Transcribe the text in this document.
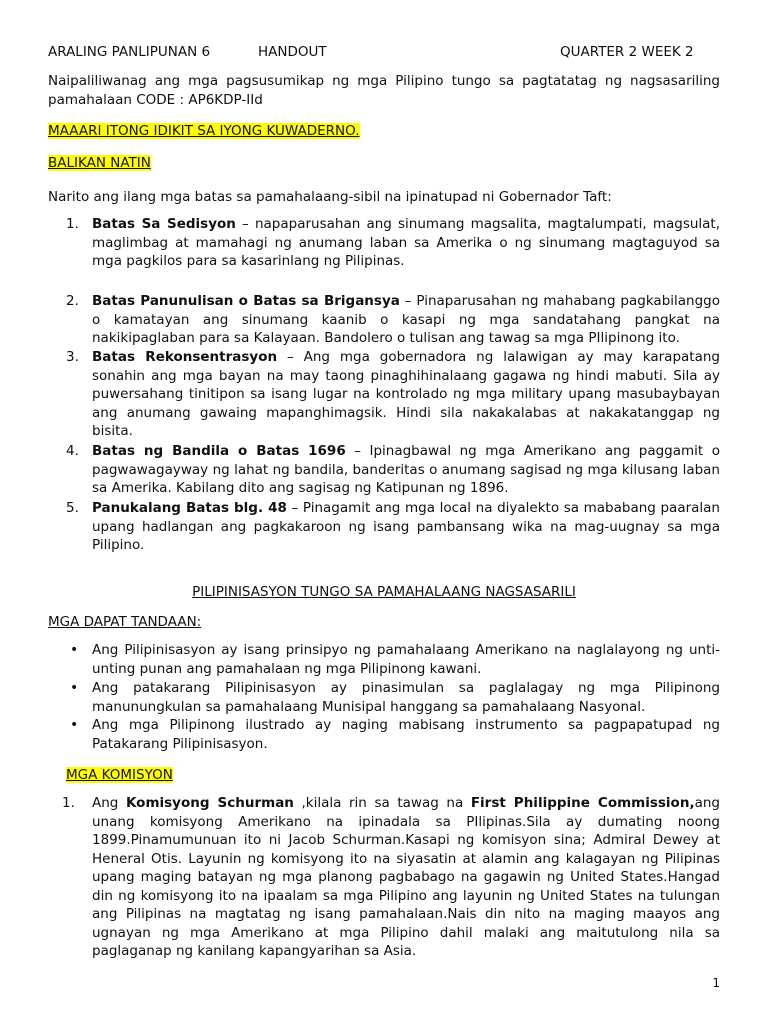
ARALING PANLIPUNAN 6	HANDOUT	QUARTER 2 WEEK 2
Naipaliliwanag ang mga pagsusumikap ng mga Pilipino tungo sa pagtatatag ng nagsasariling pamahalaan CODE : AP6KDP-IId
MAAARI ITONG IDIKIT SA IYONG KUWADERNO.
BALIKAN NATIN
Narito ang ilang mga batas sa pamahalaang-sibil na ipinatupad ni Gobernador Taft:
1. Batas Sa Sedisyon – napaparusahan ang sinumang magsalita, magtalumpati, magsulat, maglimbag at mamahagi ng anumang laban sa Amerika o ng sinumang magtaguyod sa mga pagkilos para sa kasarinlang ng Pilipinas.
2. Batas Panunulisan o Batas sa Brigansya – Pinaparusahan ng mahabang pagkabilanggo o kamatayan ang sinumang kaanib o kasapi ng mga sandatahang pangkat na nakikipaglaban para sa Kalayaan. Bandolero o tulisan ang tawag sa mga PIlipinong ito.
3. Batas Rekonsentrasyon – Ang mga gobernadora ng lalawigan ay may karapatang sonahin ang mga bayan na may taong pinaghihinalaang gagawa ng hindi mabuti. Sila ay puwersahang tinitipon sa isang lugar na kontrolado ng mga military upang masubaybayan ang anumang gawaing mapanghimagsik. Hindi sila nakakalabas at nakakatanggap ng bisita.
4. Batas ng Bandila o Batas 1696 – Ipinagbawal ng mga Amerikano ang paggamit o pagwawagayway ng lahat ng bandila, banderitas o anumang sagisad ng mga kilusang laban sa Amerika. Kabilang dito ang sagisag ng Katipunan ng 1896.
5. Panukalang Batas blg. 48 – Pinagamit ang mga local na diyalekto sa mababang paaralan upang hadlangan ang pagkakaroon ng isang pambansang wika na mag-uugnay sa mga Pilipino.
PILIPINISASYON TUNGO SA PAMAHALAANG NAGSASARILI
MGA DAPAT TANDAAN:
• Ang Pilipinisasyon ay isang prinsipyo ng pamahalaang Amerikano na naglalayong ng unti-unting punan ang pamahalaan ng mga Pilipinong kawani.
• Ang patakarang Pilipinisasyon ay pinasimulan sa paglalagay ng mga Pilipinong manunungkulan sa pamahalaang Munisipal hanggang sa pamahalaang Nasyonal.
• Ang mga Pilipinong ilustrado ay naging mabisang instrumento sa pagpapatupad ng Patakarang Pilipinisasyon.
MGA KOMISYON
1. Ang Komisyong Schurman ,kilala rin sa tawag na First Philippine Commission,ang unang komisyong Amerikano na ipinadala sa PIlipinas.Sila ay dumating noong 1899.Pinamumunuan ito ni Jacob Schurman.Kasapi ng komisyon sina; Admiral Dewey at Heneral Otis. Layunin ng komisyong ito na siyasatin at alamin ang kalagayan ng Pilipinas upang maging batayan ng mga planong pagbabago na gagawin ng United States.Hangad din ng komisyong ito na ipaalam sa mga Pilipino ang layunin ng United States na tulungan ang Pilipinas na magtatag ng isang pamahalaan.Nais din nito na maging maayos ang ugnayan ng mga Amerikano at mga Pilipino dahil malaki ang maitutulong nila sa paglaganap ng kanilang kapangyarihan sa Asia.
1
